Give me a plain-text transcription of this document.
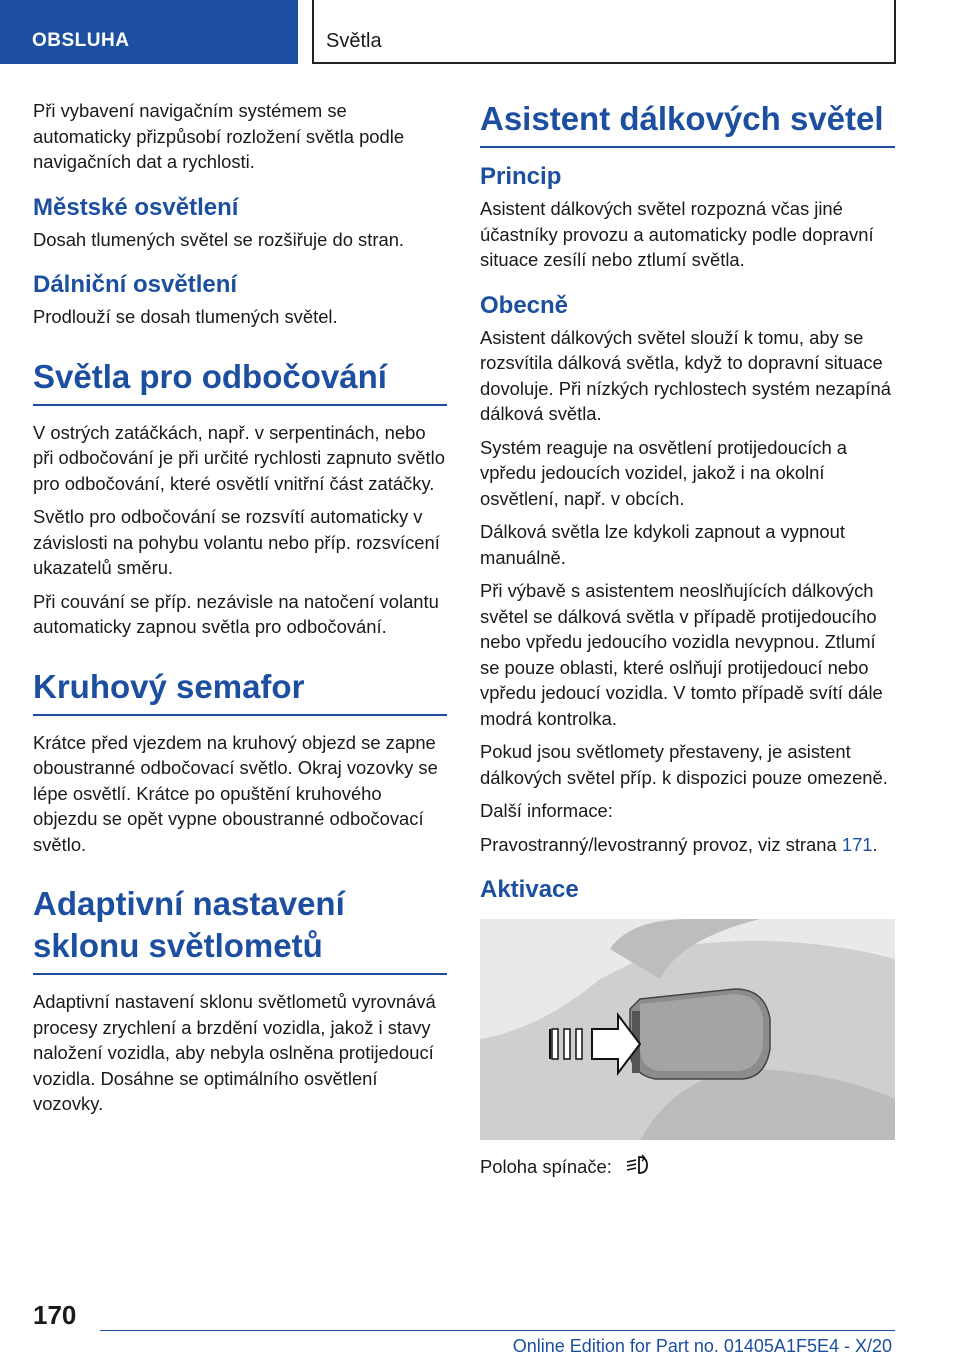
OBSLUHA	Světla

Při vybavení navigačním systémem se automaticky přizpůsobí rozložení světla podle navigačních dat a rychlosti.

Městské osvětlení

Dosah tlumených světel se rozšiřuje do stran.

Dálniční osvětlení

Prodlouží se dosah tlumených světel.

Světla pro odbočování

V ostrých zatáčkách, např. v serpentinách, nebo při odbočování je při určité rychlosti zapnuto světlo pro odbočování, které osvětlí vnitřní část zatáčky.

Světlo pro odbočování se rozsvítí automaticky v závislosti na pohybu volantu nebo příp. rozsvícení ukazatelů směru.

Při couvání se příp. nezávisle na natočení volantu automaticky zapnou světla pro odbočování.

Kruhový semafor

Krátce před vjezdem na kruhový objezd se zapne oboustranné odbočovací světlo. Okraj vozovky se lépe osvětlí. Krátce po opuštění kruhového objezdu se opět vypne oboustranné odbočovací světlo.

Adaptivní nastavení sklonu světlometů

Adaptivní nastavení sklonu světlometů vyrovnává procesy zrychlení a brzdění vozidla, jakož i stavy naložení vozidla, aby nebyla oslněna protijedoucí vozidla. Dosáhne se optimálního osvětlení vozovky.

Asistent dálkových světel
Princip

Asistent dálkových světel rozpozná včas jiné účastníky provozu a automaticky podle dopravní situace zesílí nebo ztlumí světla.

Obecně

Asistent dálkových světel slouží k tomu, aby se rozsvítila dálková světla, když to dopravní situace dovoluje. Při nízkých rychlostech systém nezapíná dálková světla.

Systém reaguje na osvětlení protijedoucích a vpředu jedoucích vozidel, jakož i na okolní osvětlení, např. v obcích.

Dálková světla lze kdykoli zapnout a vypnout manuálně.

Při výbavě s asistentem neoslňujících dálkových světel se dálková světla v případě protijedoucího nebo vpředu jedoucího vozidla nevypnou. Ztlumí se pouze oblasti, které oslňují protijedoucí nebo vpředu jedoucí vozidla. V tomto případě svítí dále modrá kontrolka.

Pokud jsou světlomety přestaveny, je asistent dálkových světel příp. k dispozici pouze omezeně.

Další informace:

Pravostranný/levostranný provoz, viz strana 171.

Aktivace

Poloha spínače:

170
Online Edition for Part no. 01405A1F5E4 - X/20
